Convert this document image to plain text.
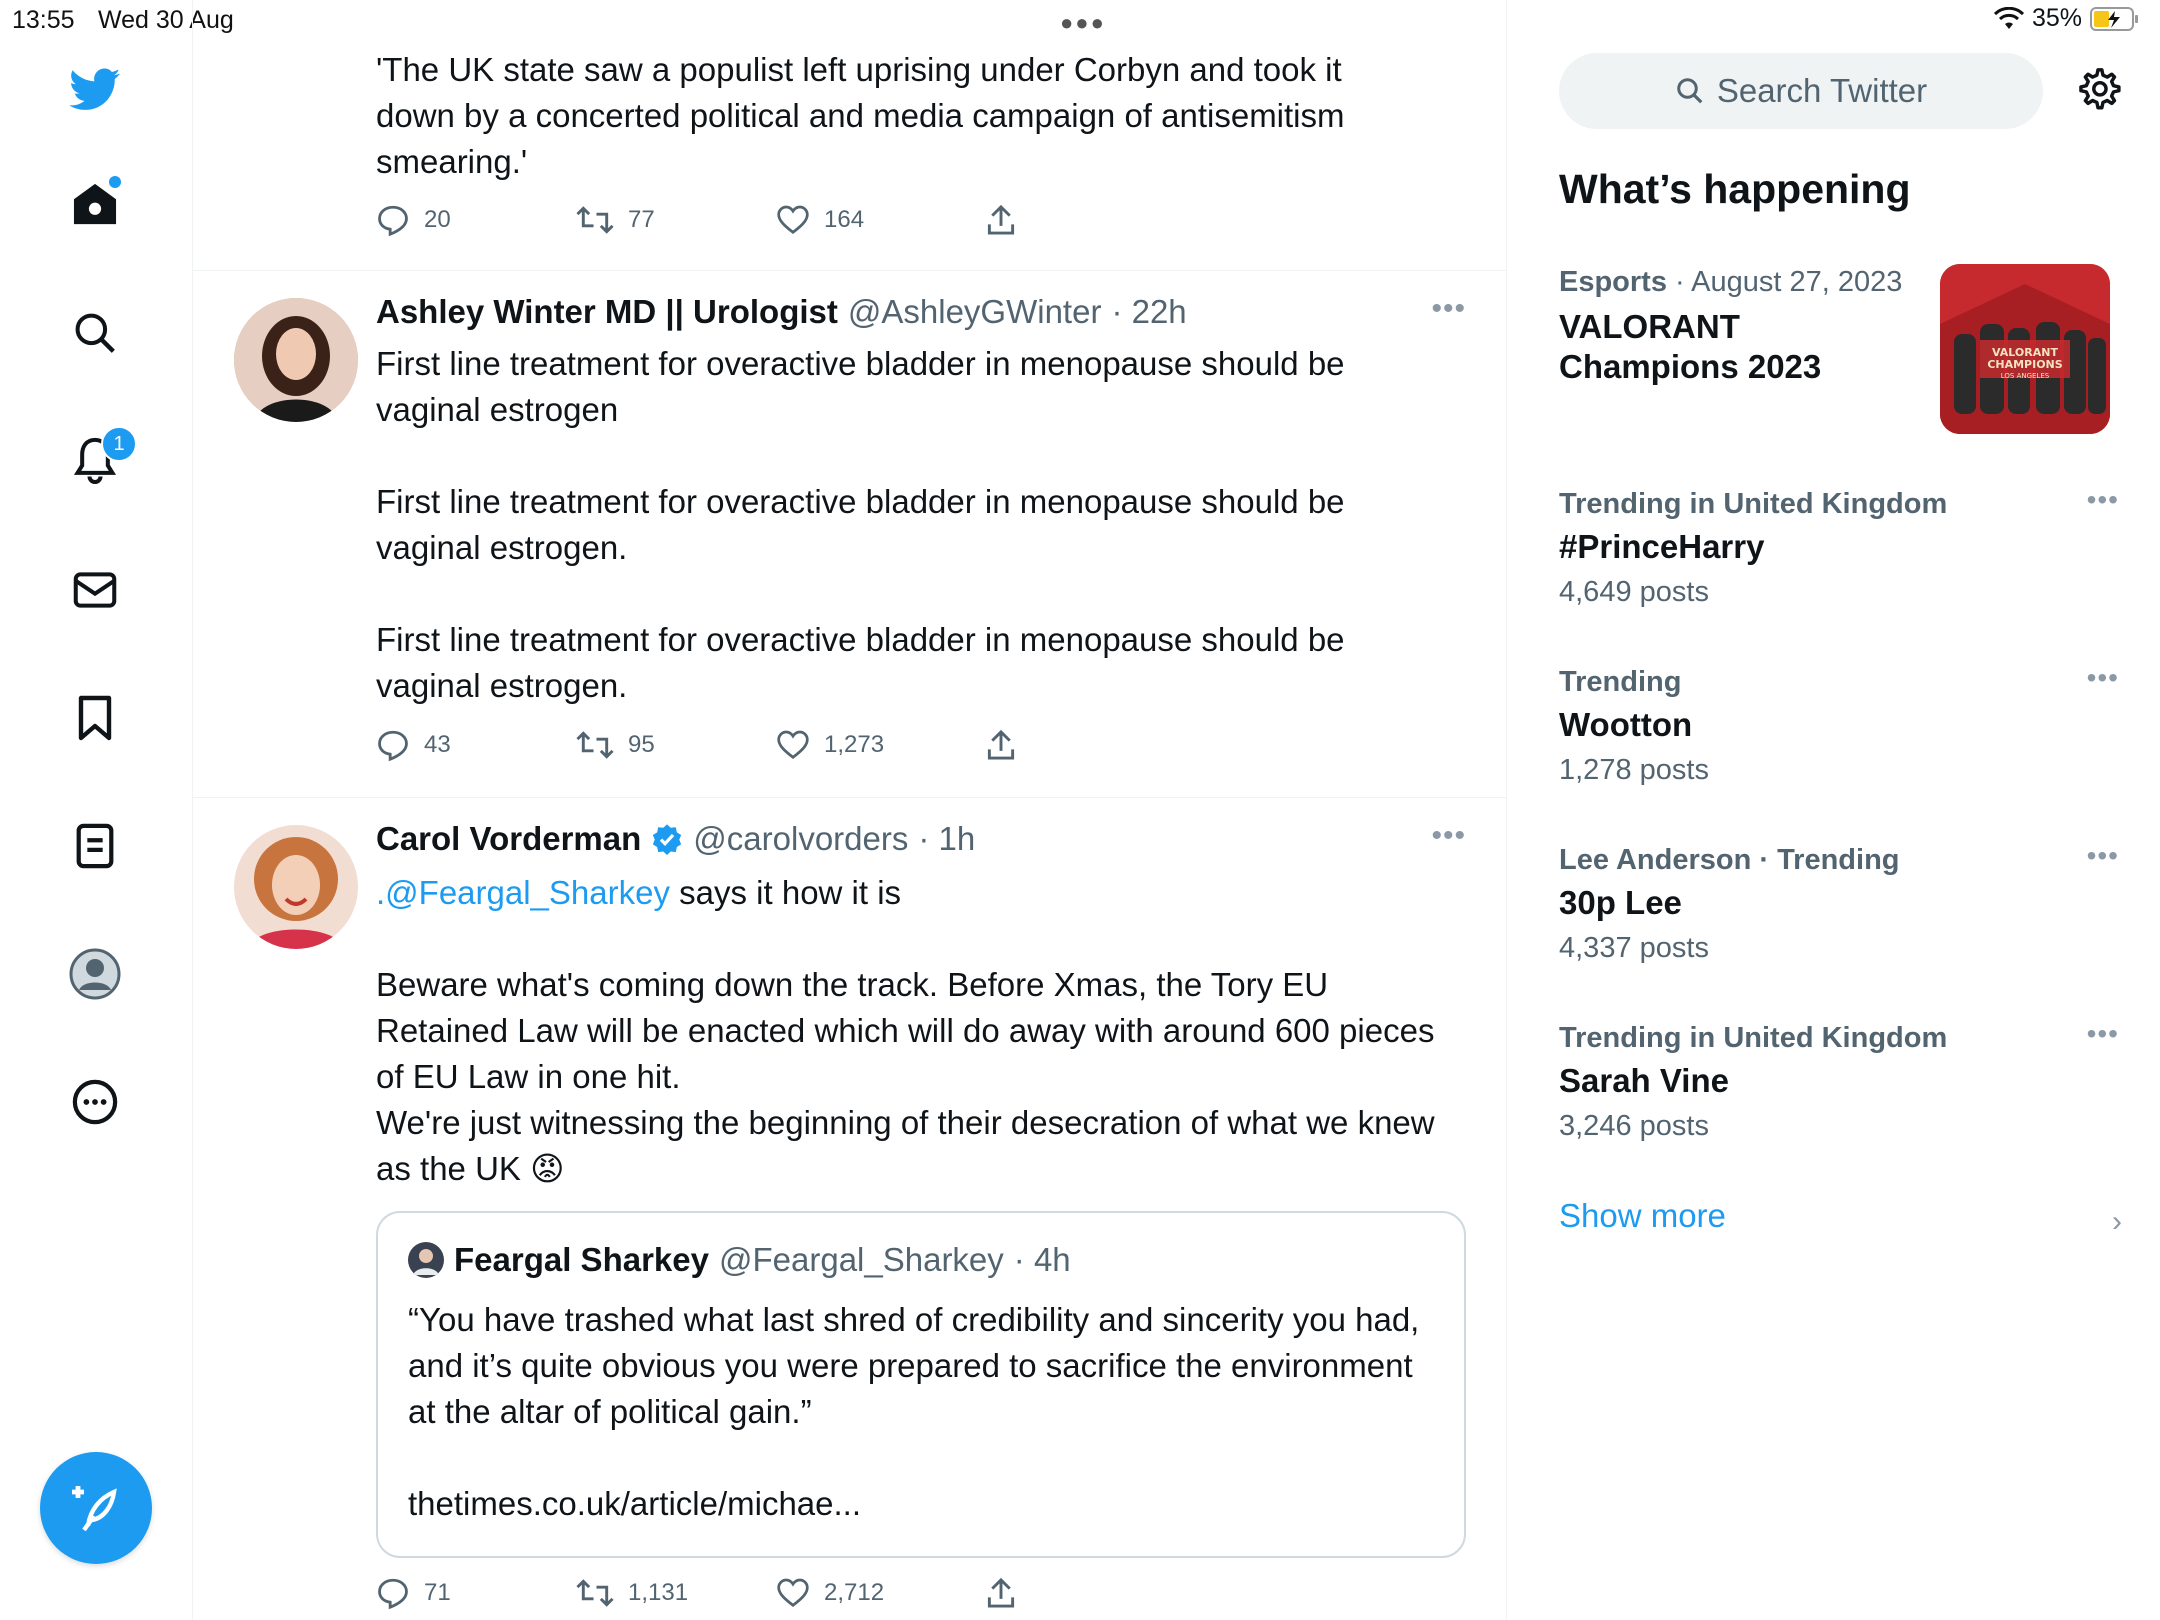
13:55 Wed 30 Aug	●●●	35%
1

'The UK state saw a populist left uprising under Corbyn and took it

down by a concerted political and media campaign of antisemitism

smearing.'

20	77	164
Ashley Winter MD || Urologist @AshleyGWinter · 22h	•••

First line treatment for overactive bladder in menopause should be vaginal estrogen

First line treatment for overactive bladder in menopause should be vaginal estrogen.

First line treatment for overactive bladder in menopause should be vaginal estrogen.

43	95	1,273
Carol Vorderman @carolvorders · 1h	•••

.@Feargal_Sharkey says it how it is

Beware what's coming down the track. Before Xmas, the Tory EU Retained Law will be enacted which will do away with around 600 pieces of EU Law in one hit.

We're just witnessing the beginning of their desecration of what we knew as the UK 😡

Feargal Sharkey @Feargal_Sharkey · 4h

“You have trashed what last shred of credibility and sincerity you had, and it’s quite obvious you were prepared to sacrifice the environment at the altar of political gain.”

thetimes.co.uk/article/michae...

71	1,131	2,712
Search Twitter
What’s happening
Esports · August 27, 2023
VALORANT
Champions 2023	VALORANT
CHAMPIONS
LOS ANGELES
Trending in United Kingdom
#PrinceHarry
4,649 posts
•••
Trending
Wootton
1,278 posts
•••
Lee Anderson · Trending
30p Lee
4,337 posts
•••
Trending in United Kingdom
Sarah Vine
3,246 posts
•••
Show more	›
